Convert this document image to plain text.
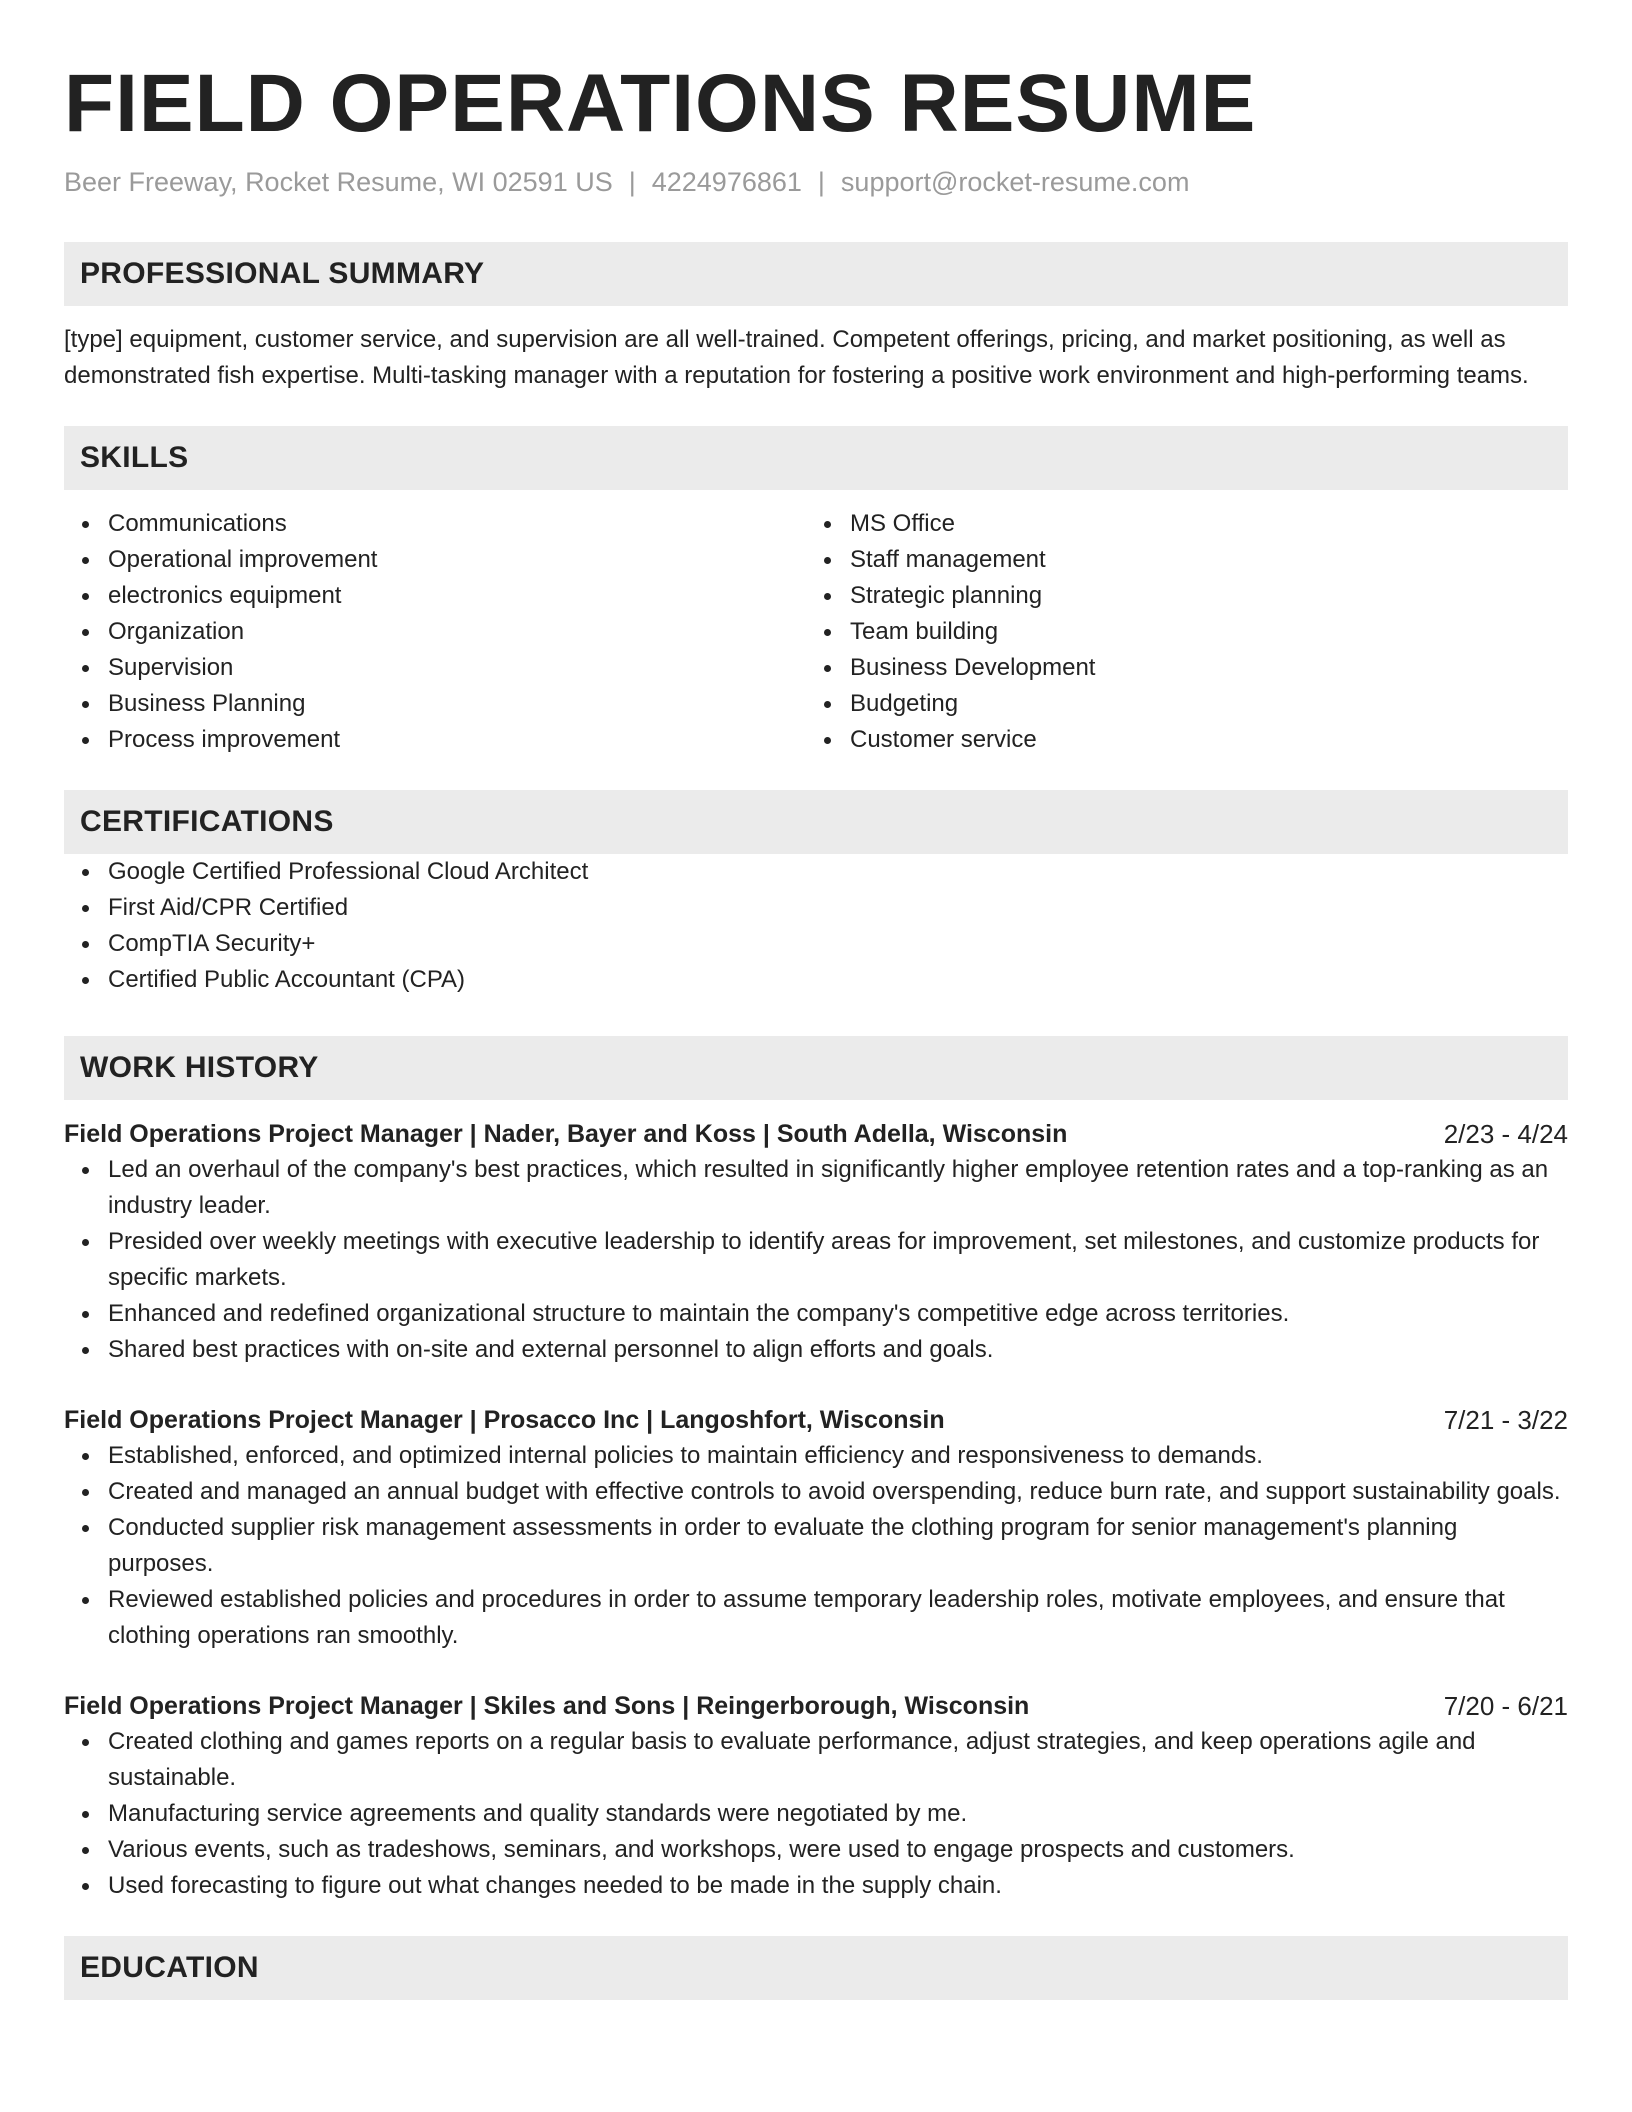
FIELD OPERATIONS RESUME
Beer Freeway, Rocket Resume, WI 02591 US | 4224976861 | support@rocket-resume.com
PROFESSIONAL SUMMARY

[type] equipment, customer service, and supervision are all well-trained. Competent offerings, pricing, and market positioning, as well as demonstrated fish expertise. Multi-tasking manager with a reputation for fostering a positive work environment and high-performing teams.

SKILLS
Communications
Operational improvement
electronics equipment
Organization
Supervision
Business Planning
Process improvement
MS Office
Staff management
Strategic planning
Team building
Business Development
Budgeting
Customer service
CERTIFICATIONS
Google Certified Professional Cloud Architect
First Aid/CPR Certified
CompTIA Security+
Certified Public Accountant (CPA)
WORK HISTORY
Field Operations Project Manager | Nader, Bayer and Koss | South Adella, Wisconsin	2/23 - 4/24
Led an overhaul of the company's best practices, which resulted in significantly higher employee retention rates and a top-ranking as an industry leader.
Presided over weekly meetings with executive leadership to identify areas for improvement, set milestones, and customize products for specific markets.
Enhanced and redefined organizational structure to maintain the company's competitive edge across territories.
Shared best practices with on-site and external personnel to align efforts and goals.
Field Operations Project Manager | Prosacco Inc | Langoshfort, Wisconsin	7/21 - 3/22
Established, enforced, and optimized internal policies to maintain efficiency and responsiveness to demands.
Created and managed an annual budget with effective controls to avoid overspending, reduce burn rate, and support sustainability goals.
Conducted supplier risk management assessments in order to evaluate the clothing program for senior management's planning purposes.
Reviewed established policies and procedures in order to assume temporary leadership roles, motivate employees, and ensure that clothing operations ran smoothly.
Field Operations Project Manager | Skiles and Sons | Reingerborough, Wisconsin	7/20 - 6/21
Created clothing and games reports on a regular basis to evaluate performance, adjust strategies, and keep operations agile and sustainable.
Manufacturing service agreements and quality standards were negotiated by me.
Various events, such as tradeshows, seminars, and workshops, were used to engage prospects and customers.
Used forecasting to figure out what changes needed to be made in the supply chain.
EDUCATION
